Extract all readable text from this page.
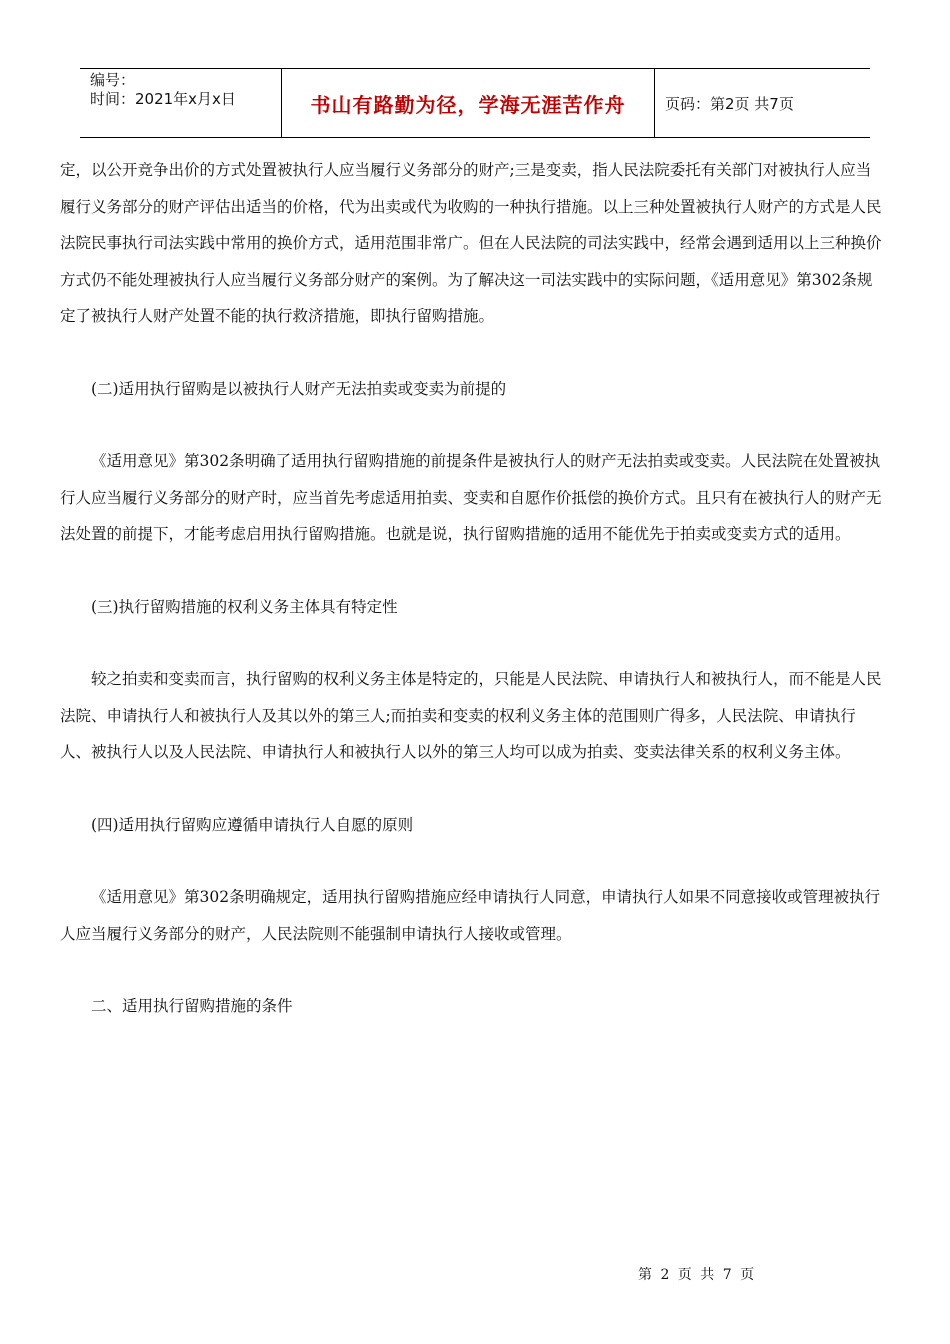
编号：
时间：2021年x月x日	书山有路勤为径，学海无涯苦作舟	页码：第2页 共7页

定，以公开竞争出价的方式处置被执行人应当履行义务部分的财产;三是变卖，指人民法院委托有关部门对被执行人应当履行义务部分的财产评估出适当的价格，代为出卖或代为收购的一种执行措施。以上三种处置被执行人财产的方式是人民法院民事执行司法实践中常用的换价方式，适用范围非常广。但在人民法院的司法实践中，经常会遇到适用以上三种换价方式仍不能处理被执行人应当履行义务部分财产的案例。为了解决这一司法实践中的实际问题，《适用意见》第302条规定了被执行人财产处置不能的执行救济措施，即执行留购措施。

(二)适用执行留购是以被执行人财产无法拍卖或变卖为前提的

《适用意见》第302条明确了适用执行留购措施的前提条件是被执行人的财产无法拍卖或变卖。人民法院在处置被执行人应当履行义务部分的财产时，应当首先考虑适用拍卖、变卖和自愿作价抵偿的换价方式。且只有在被执行人的财产无法处置的前提下，才能考虑启用执行留购措施。也就是说，执行留购措施的适用不能优先于拍卖或变卖方式的适用。

(三)执行留购措施的权利义务主体具有特定性

较之拍卖和变卖而言，执行留购的权利义务主体是特定的，只能是人民法院、申请执行人和被执行人，而不能是人民法院、申请执行人和被执行人及其以外的第三人;而拍卖和变卖的权利义务主体的范围则广得多，人民法院、申请执行人、被执行人以及人民法院、申请执行人和被执行人以外的第三人均可以成为拍卖、变卖法律关系的权利义务主体。

(四)适用执行留购应遵循申请执行人自愿的原则

《适用意见》第302条明确规定，适用执行留购措施应经申请执行人同意，申请执行人如果不同意接收或管理被执行人应当履行义务部分的财产，人民法院则不能强制申请执行人接收或管理。

二、适用执行留购措施的条件

第 2 页 共 7 页
